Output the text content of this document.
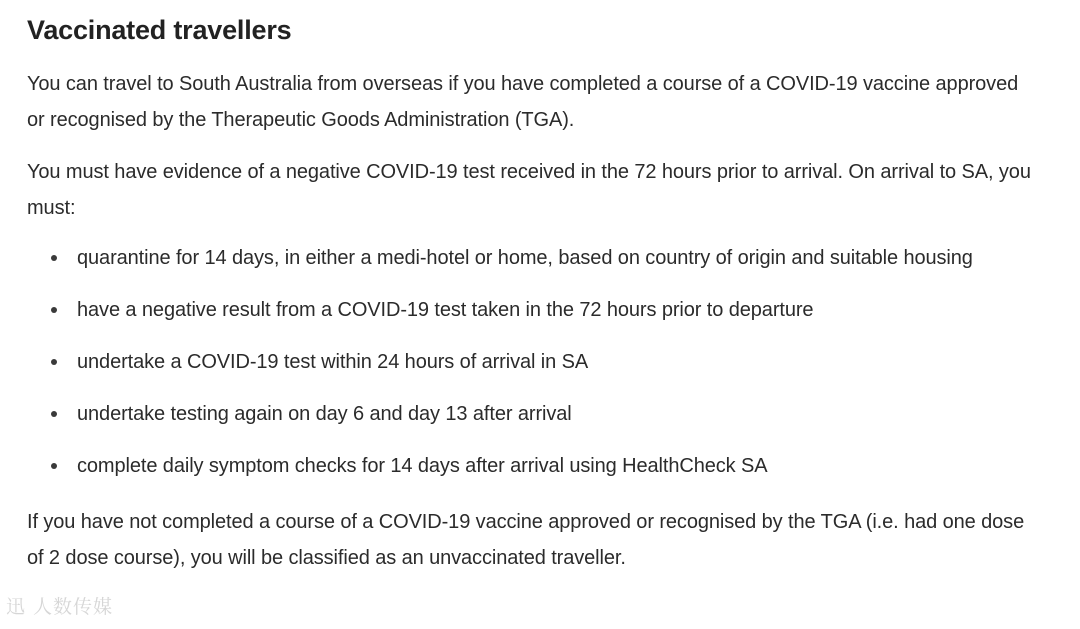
Vaccinated travellers

You can travel to South Australia from overseas if you have completed a course of a COVID-19 vaccine approved or recognised by the Therapeutic Goods Administration (TGA).

You must have evidence of a negative COVID-19 test received in the 72 hours prior to arrival. On arrival to SA, you must:

quarantine for 14 days, in either a medi-hotel or home, based on country of origin and suitable housing
have a negative result from a COVID-19 test taken in the 72 hours prior to departure
undertake a COVID-19 test within 24 hours of arrival in SA
undertake testing again on day 6 and day 13 after arrival
complete daily symptom checks for 14 days after arrival using HealthCheck SA

If you have not completed a course of a COVID-19 vaccine approved or recognised by the TGA (i.e. had one dose of 2 dose course), you will be classified as an unvaccinated traveller.

迅 人数传媒
